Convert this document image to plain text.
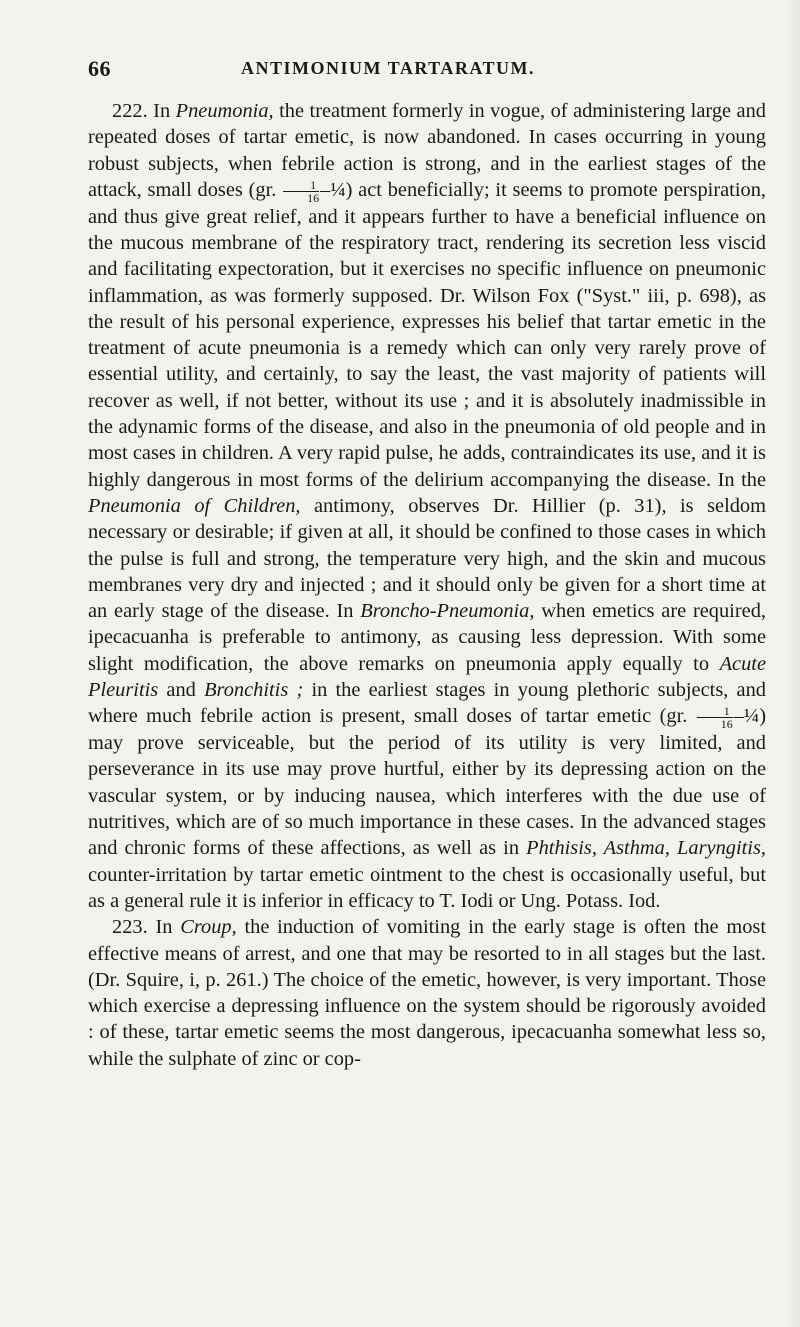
66	ANTIMONIUM TARTARATUM.

222. In Pneumonia, the treatment formerly in vogue, of administering large and repeated doses of tartar emetic, is now abandoned. In cases occurring in young robust subjects, when febrile action is strong, and in the earliest stages of the attack, small doses (gr. $\frac{1}{16}$ –¼) act beneficially; it seems to promote perspiration, and thus give great relief, and it appears further to have a beneficial influence on the mucous membrane of the respiratory tract, rendering its secretion less viscid and facilitating expectoration, but it exercises no specific influence on pneumonic inflammation, as was formerly supposed. Dr. Wilson Fox ("Syst." iii, p. 698), as the result of his personal experience, expresses his belief that tartar emetic in the treatment of acute pneumonia is a remedy which can only very rarely prove of essential utility, and certainly, to say the least, the vast majority of patients will recover as well, if not better, without its use ; and it is absolutely inadmissible in the adynamic forms of the disease, and also in the pneumonia of old people and in most cases in children. A very rapid pulse, he adds, contraindicates its use, and it is highly dangerous in most forms of the delirium accompanying the disease. In the Pneumonia of Children, antimony, observes Dr. Hillier (p. 31), is seldom necessary or desirable; if given at all, it should be confined to those cases in which the pulse is full and strong, the temperature very high, and the skin and mucous membranes very dry and injected ; and it should only be given for a short time at an early stage of the disease. In Broncho-Pneumonia, when emetics are required, ipecacuanha is preferable to antimony, as causing less depression. With some slight modification, the above remarks on pneumonia apply equally to Acute Pleuritis and Bronchitis ; in the earliest stages in young plethoric subjects, and where much febrile action is present, small doses of tartar emetic (gr. $\frac{1}{16}$ –¼) may prove serviceable, but the period of its utility is very limited, and perseverance in its use may prove hurtful, either by its depressing action on the vascular system, or by inducing nausea, which interferes with the due use of nutritives, which are of so much importance in these cases. In the advanced stages and chronic forms of these affections, as well as in Phthisis, Asthma, Laryngitis, counter-irritation by tartar emetic ointment to the chest is occasionally useful, but as a general rule it is inferior in efficacy to T. Iodi or Ung. Potass. Iod.

223. In Croup, the induction of vomiting in the early stage is often the most effective means of arrest, and one that may be resorted to in all stages but the last. (Dr. Squire, i, p. 261.) The choice of the emetic, however, is very important. Those which exercise a depressing influence on the system should be rigorously avoided : of these, tartar emetic seems the most dangerous, ipecacuanha somewhat less so, while the sulphate of zinc or cop-
